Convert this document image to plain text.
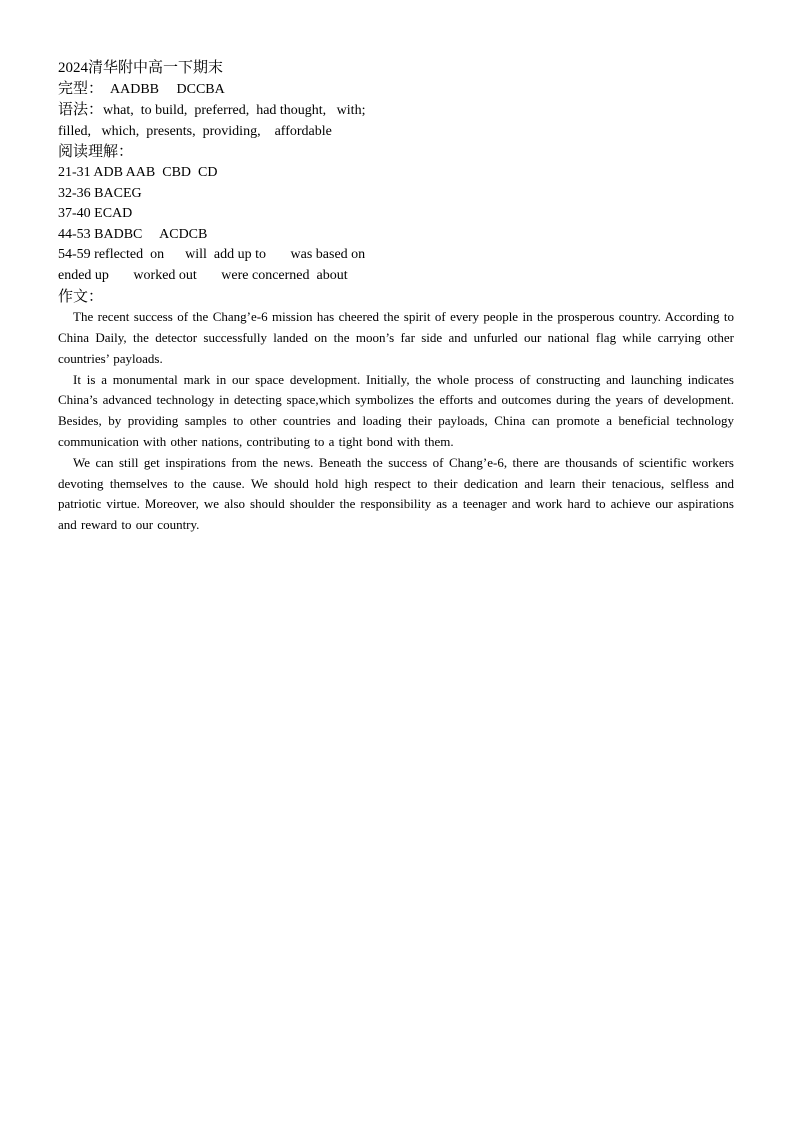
2024清华附中高一下期末
完型：  AADBB     DCCBA
语法：what,  to build,  preferred,  had thought,   with;
filled,   which,  presents,  providing,    affordable
阅读理解：
21-31 ADB AAB  CBD  CD
32-36 BACEG
37-40 ECAD
44-53 BADBC     ACDCB
54-59 reflected  on      will  add up to       was based on
ended up       worked out       were concerned  about
作文：

The recent success of the Chang’e-6 mission has cheered the spirit of every people in the prosperous country. According to China Daily, the detector successfully landed on the moon’s far side and unfurled our national flag while carrying other countries’ payloads.

It is a monumental mark in our space development. Initially, the whole process of constructing and launching indicates China’s advanced technology in detecting space,which symbolizes the efforts and outcomes during the years of development. Besides, by providing samples to other countries and loading their payloads, China can promote a beneficial technology communication with other nations, contributing to a tight bond with them.

We can still get inspirations from the news. Beneath the success of Chang’e-6, there are thousands of scientific workers devoting themselves to the cause. We should hold high respect to their dedication and learn their tenacious, selfless and patriotic virtue. Moreover, we also should shoulder the responsibility as a teenager and work hard to achieve our aspirations and reward to our country.
